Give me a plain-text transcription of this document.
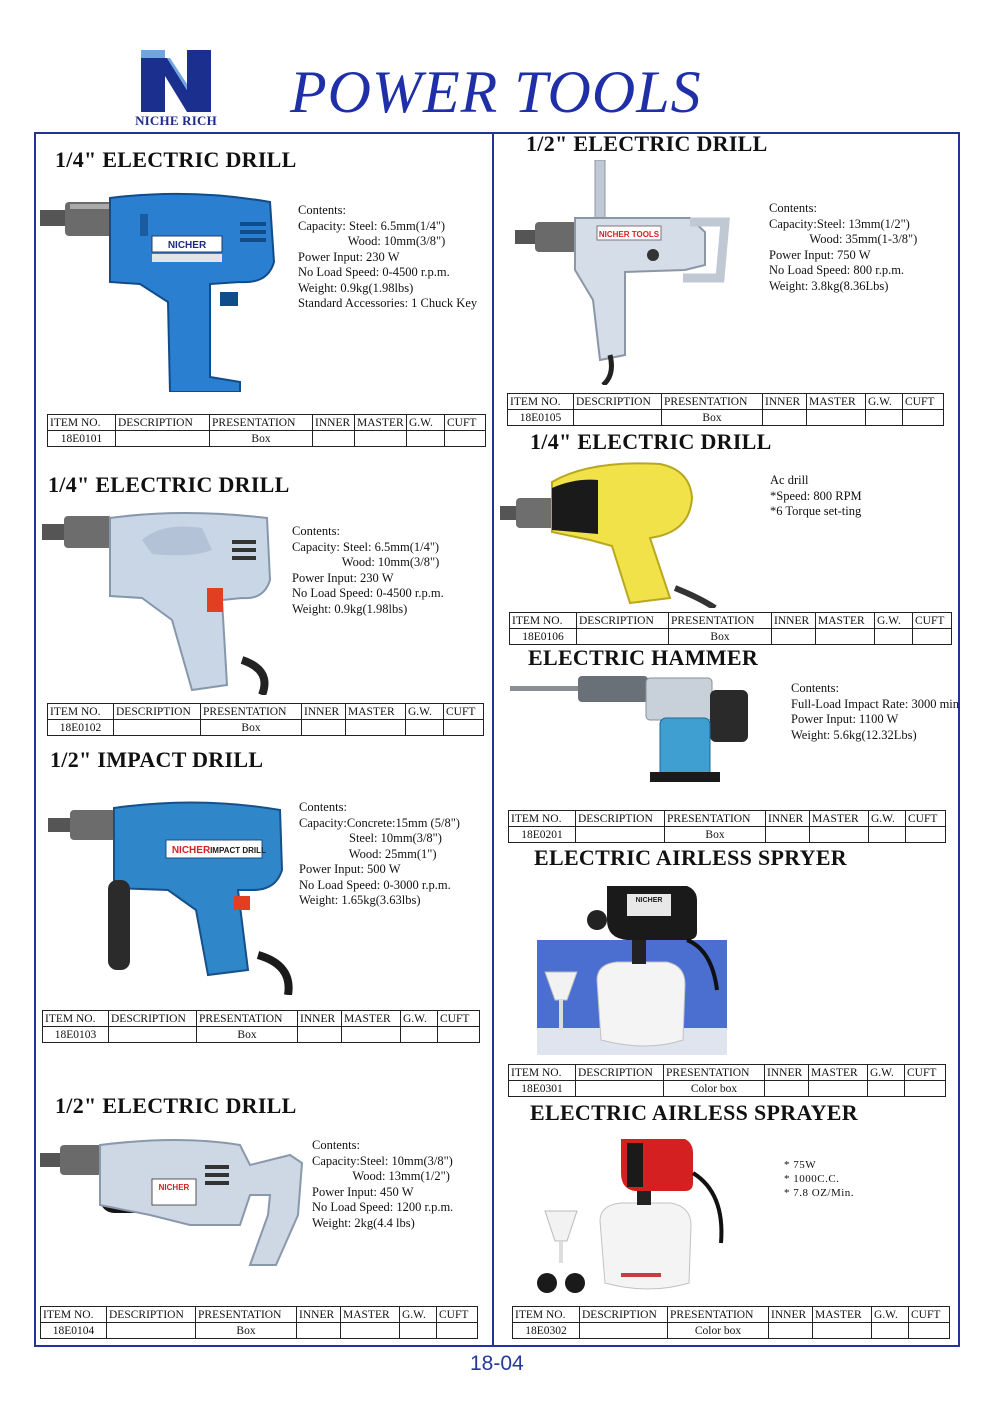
NICHE RICH POWER TOOLS
1/4" ELECTRIC DRILL
NICHER
Contents:
Capacity: Steel: 6.5mm(1/4")
Wood: 10mm(3/8")
Power Input: 230 W
No Load Speed: 0-4500 r.p.m.
Weight: 0.9kg(1.98lbs)
Standard Accessories: 1 Chuck Key
ITEM NO.	DESCRIPTION	PRESENTATION	INNER	MASTER	G.W.	CUFT
18E0101		Box				
1/4" ELECTRIC DRILL
Contents:
Capacity: Steel: 6.5mm(1/4")
Wood: 10mm(3/8")
Power Input: 230 W
No Load Speed: 0-4500 r.p.m.
Weight: 0.9kg(1.98lbs)
ITEM NO.	DESCRIPTION	PRESENTATION	INNER	MASTER	G.W.	CUFT
18E0102		Box				
1/2" IMPACT DRILL
NICHER IMPACT DRILL
Contents:
Capacity:Concrete:15mm (5/8")
Steel: 10mm(3/8")
Wood: 25mm(1")
Power Input: 500 W
No Load Speed: 0-3000 r.p.m.
Weight: 1.65kg(3.63lbs)
ITEM NO.	DESCRIPTION	PRESENTATION	INNER	MASTER	G.W.	CUFT
18E0103		Box				
1/2" ELECTRIC DRILL
NICHER
Contents:
Capacity:Steel: 10mm(3/8")
Wood: 13mm(1/2")
Power Input: 450 W
No Load Speed: 1200 r.p.m.
Weight: 2kg(4.4 lbs)
ITEM NO.	DESCRIPTION	PRESENTATION	INNER	MASTER	G.W.	CUFT
18E0104		Box				
1/2" ELECTRIC DRILL
NICHER TOOLS
Contents:
Capacity:Steel: 13mm(1/2")
Wood: 35mm(1-3/8")
Power Input: 750 W
No Load Speed: 800 r.p.m.
Weight: 3.8kg(8.36Lbs)
ITEM NO.	DESCRIPTION	PRESENTATION	INNER	MASTER	G.W.	CUFT
18E0105		Box				
1/4" ELECTRIC DRILL
Ac drill
*Speed: 800 RPM
*6 Torque set-ting
ITEM NO.	DESCRIPTION	PRESENTATION	INNER	MASTER	G.W.	CUFT
18E0106		Box				
ELECTRIC HAMMER
Contents:
Full-Load Impact Rate: 3000 min
Power Input: 1100 W
Weight: 5.6kg(12.32Lbs)
ITEM NO.	DESCRIPTION	PRESENTATION	INNER	MASTER	G.W.	CUFT
18E0201		Box				
ELECTRIC AIRLESS SPRYER
NICHER
ITEM NO.	DESCRIPTION	PRESENTATION	INNER	MASTER	G.W.	CUFT
18E0301		Color box				
ELECTRIC AIRLESS SPRAYER
* 75W
* 1000C.C.
* 7.8 OZ/Min.
ITEM NO.	DESCRIPTION	PRESENTATION	INNER	MASTER	G.W.	CUFT
18E0302		Color box				
18-04
